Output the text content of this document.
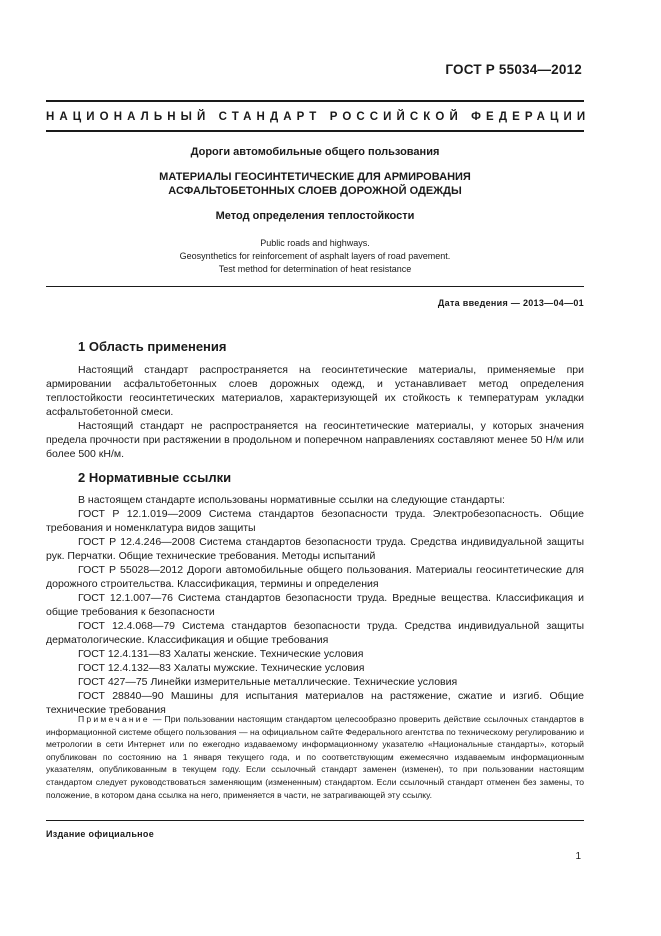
ГОСТ Р 55034—2012
НАЦИОНАЛЬНЫЙ СТАНДАРТ РОССИЙСКОЙ ФЕДЕРАЦИИ
Дороги автомобильные общего пользования
МАТЕРИАЛЫ ГЕОСИНТЕТИЧЕСКИЕ ДЛЯ АРМИРОВАНИЯ
АСФАЛЬТОБЕТОННЫХ СЛОЕВ ДОРОЖНОЙ ОДЕЖДЫ
Метод определения теплостойкости
Public roads and highways.
Geosynthetics for reinforcement of asphalt layers of road pavement.
Test method for determination of heat resistance
Дата введения — 2013—04—01
1 Область применения

Настоящий стандарт распространяется на геосинтетические материалы, применяемые при армировании асфальтобетонных слоев дорожных одежд, и устанавливает метод определения теплостойкости геосинтетических материалов, характеризующей их стойкость к температурам укладки асфальтобетонной смеси.

Настоящий стандарт не распространяется на геосинтетические материалы, у которых значения предела прочности при растяжении в продольном и поперечном направлениях составляют менее 50 Н/м или более 500 кН/м.

2 Нормативные ссылки

В настоящем стандарте использованы нормативные ссылки на следующие стандарты:

ГОСТ Р 12.1.019—2009 Система стандартов безопасности труда. Электробезопасность. Общие требования и номенклатура видов защиты

ГОСТ Р 12.4.246—2008 Система стандартов безопасности труда. Средства индивидуальной защиты рук. Перчатки. Общие технические требования. Методы испытаний

ГОСТ Р 55028—2012 Дороги автомобильные общего пользования. Материалы геосинтетические для дорожного строительства. Классификация, термины и определения

ГОСТ 12.1.007—76 Система стандартов безопасности труда. Вредные вещества. Классификация и общие требования к безопасности

ГОСТ 12.4.068—79 Система стандартов безопасности труда. Средства индивидуальной защиты дерматологические. Классификация и общие требования

ГОСТ 12.4.131—83 Халаты женские. Технические условия

ГОСТ 12.4.132—83 Халаты мужские. Технические условия

ГОСТ 427—75 Линейки измерительные металлические. Технические условия

ГОСТ 28840—90 Машины для испытания материалов на растяжение, сжатие и изгиб. Общие технические требования

Примечание — При пользовании настоящим стандартом целесообразно проверить действие ссылочных стандартов в информационной системе общего пользования — на официальном сайте Федерального агентства по техническому регулированию и метрологии в сети Интернет или по ежегодно издаваемому информационному указателю «Национальные стандарты», который опубликован по состоянию на 1 января текущего года, и по соответствующим ежемесячно издаваемым информационным указателям, опубликованным в текущем году. Если ссылочный стандарт заменен (изменен), то при пользовании настоящим стандартом следует руководствоваться заменяющим (измененным) стандартом. Если ссылочный стандарт отменен без замены, то положение, в котором дана ссылка на него, применяется в части, не затрагивающей эту ссылку.
Издание официальное
1
